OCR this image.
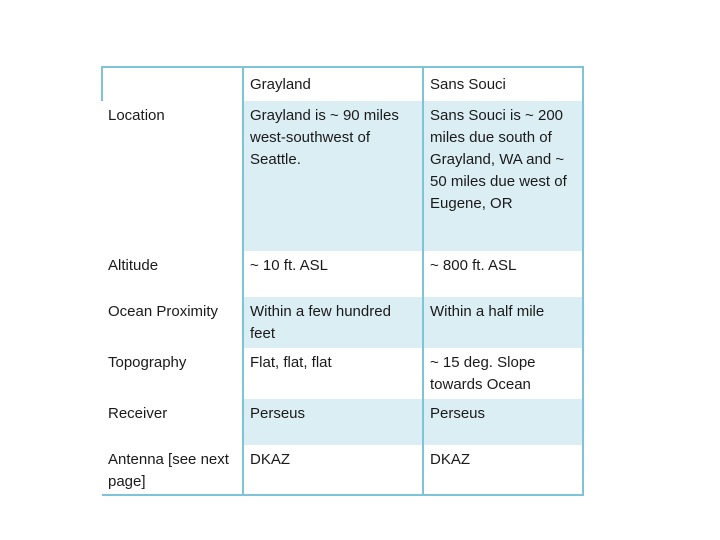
	Grayland	Sans Souci
Location	Grayland is ~ 90 miles west-southwest of Seattle.	Sans Souci is ~ 200 miles due south of Grayland, WA and ~ 50 miles due west of Eugene, OR
Altitude	~ 10 ft. ASL	~ 800 ft. ASL
Ocean Proximity	Within a few hundred feet	Within a half mile
Topography	Flat, flat, flat	~ 15 deg. Slope towards Ocean
Receiver	Perseus	Perseus
Antenna [see next page]	DKAZ	DKAZ
